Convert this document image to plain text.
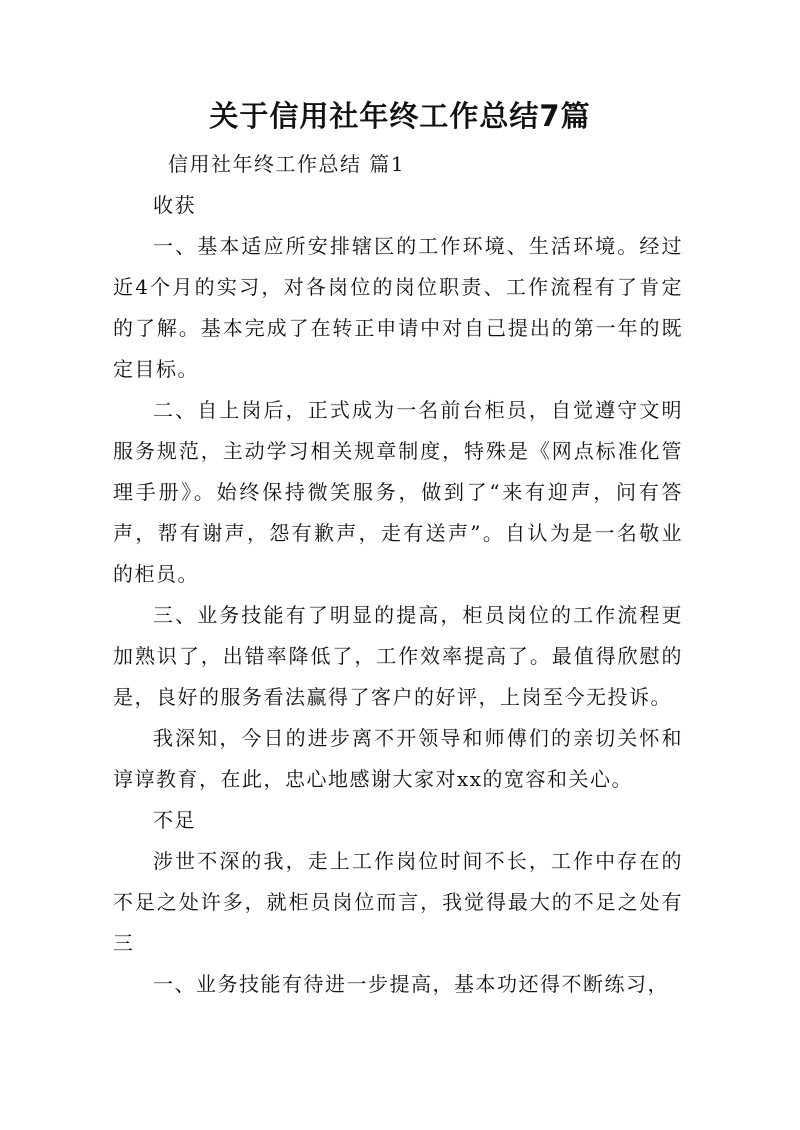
关于信用社年终工作总结7篇

信用社年终工作总结 篇1

收获

一、基本适应所安排辖区的工作环境、生活环境。经过近4个月的实习，对各岗位的岗位职责、工作流程有了肯定的了解。基本完成了在转正申请中对自己提出的第一年的既定目标。

二、自上岗后，正式成为一名前台柜员，自觉遵守文明服务规范，主动学习相关规章制度，特殊是《网点标准化管理手册》。始终保持微笑服务，做到了“来有迎声，问有答声，帮有谢声，怨有歉声，走有送声”。自认为是一名敬业的柜员。

三、业务技能有了明显的提高，柜员岗位的工作流程更加熟识了，出错率降低了，工作效率提高了。最值得欣慰的是，良好的服务看法赢得了客户的好评，上岗至今无投诉。

我深知，今日的进步离不开领导和师傅们的亲切关怀和谆谆教育，在此，忠心地感谢大家对xx的宽容和关心。

不足

涉世不深的我，走上工作岗位时间不长，工作中存在的不足之处许多，就柜员岗位而言，我觉得最大的不足之处有三

一、业务技能有待进一步提高，基本功还得不断练习，
